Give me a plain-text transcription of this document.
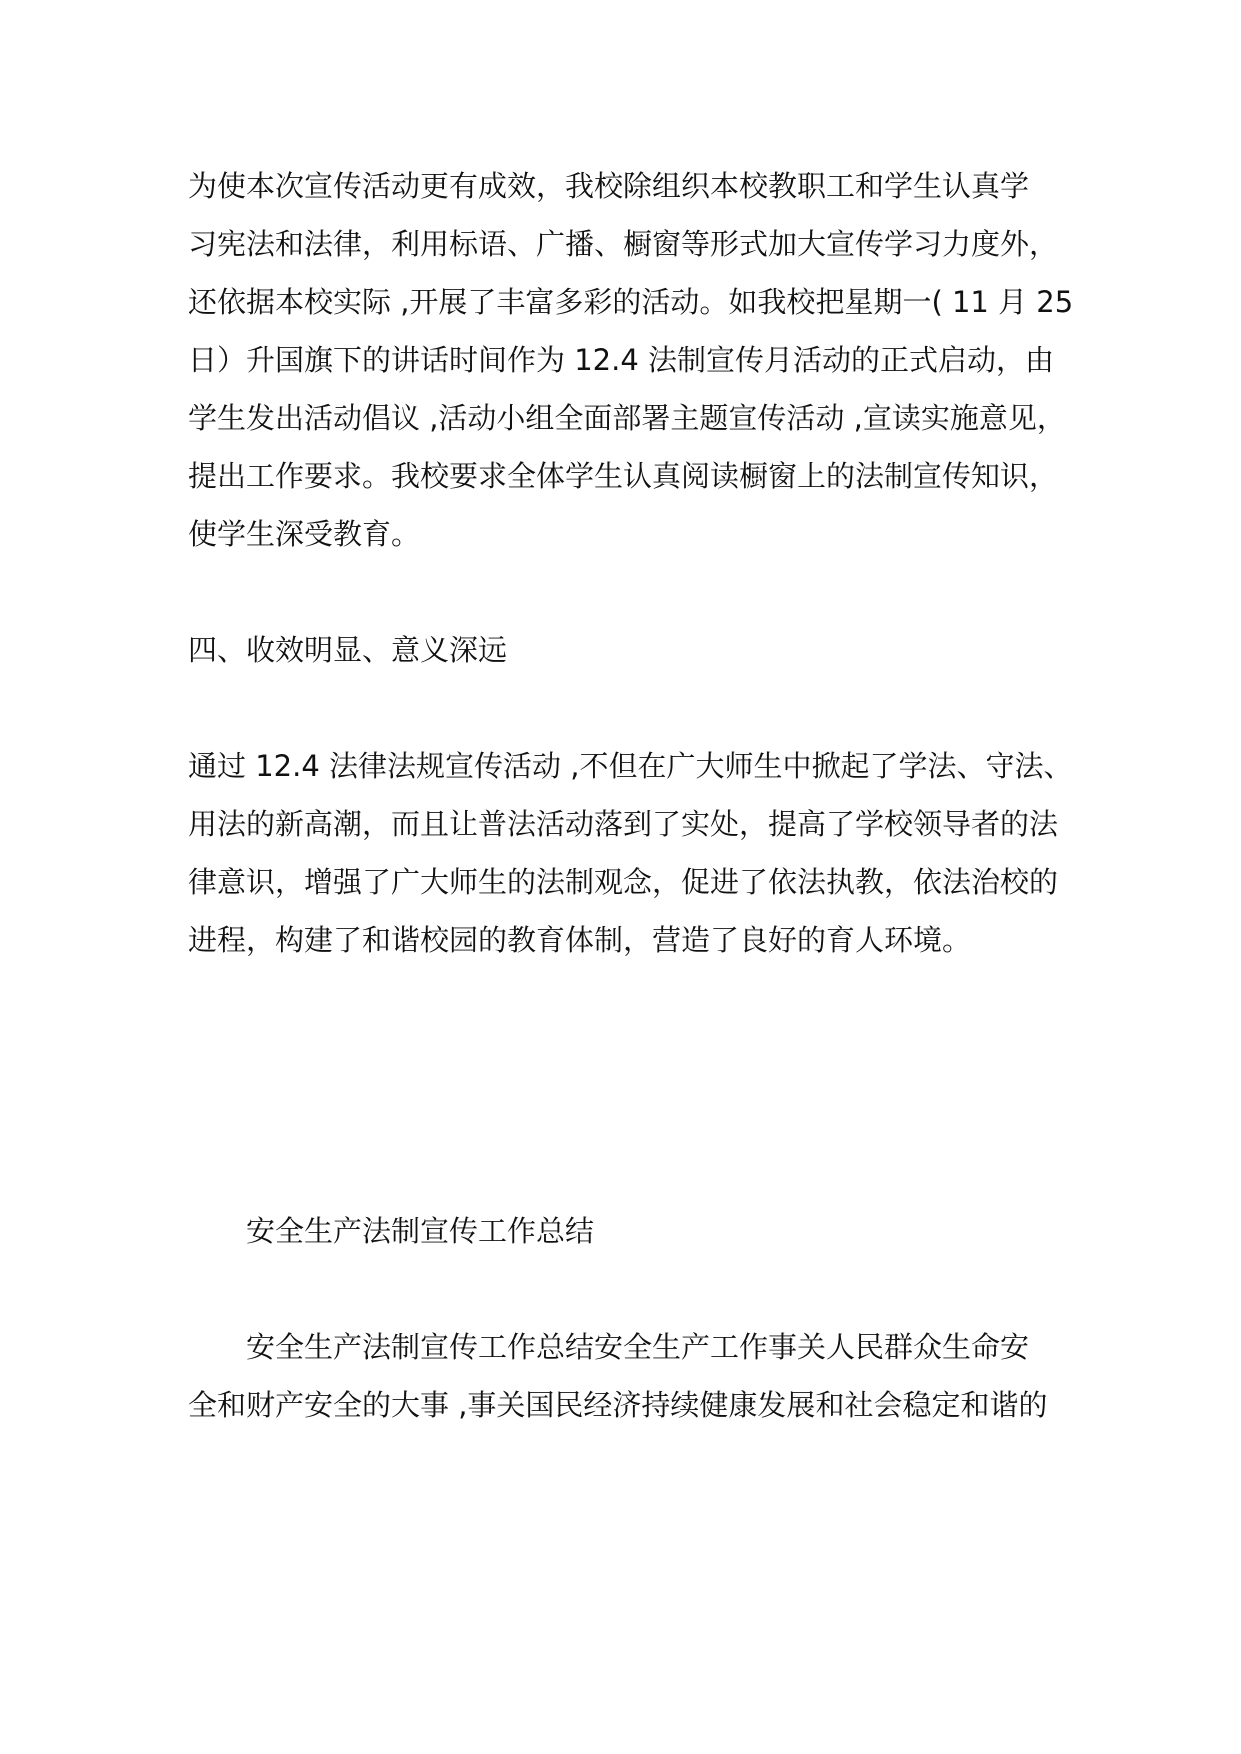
为使本次宣传活动更有成效，我校除组织本校教职工和学生认真学
习宪法和法律，利用标语、广播、橱窗等形式加大宣传学习力度外，
还依据本校实际 ,开展了丰富多彩的活动。如我校把星期一( 11 月 25
日）升国旗下的讲话时间作为 12.4 法制宣传月活动的正式启动，由
学生发出活动倡议 ,活动小组全面部署主题宣传活动 ,宣读实施意见，
提出工作要求。我校要求全体学生认真阅读橱窗上的法制宣传知识，
使学生深受教育。
四、收效明显、意义深远
通过 12.4 法律法规宣传活动 ,不但在广大师生中掀起了学法、守法、
用法的新高潮，而且让普法活动落到了实处，提高了学校领导者的法
律意识，增强了广大师生的法制观念，促进了依法执教，依法治校的
进程，构建了和谐校园的教育体制，营造了良好的育人环境。
安全生产法制宣传工作总结
安全生产法制宣传工作总结安全生产工作事关人民群众生命安
全和财产安全的大事 ,事关国民经济持续健康发展和社会稳定和谐的
